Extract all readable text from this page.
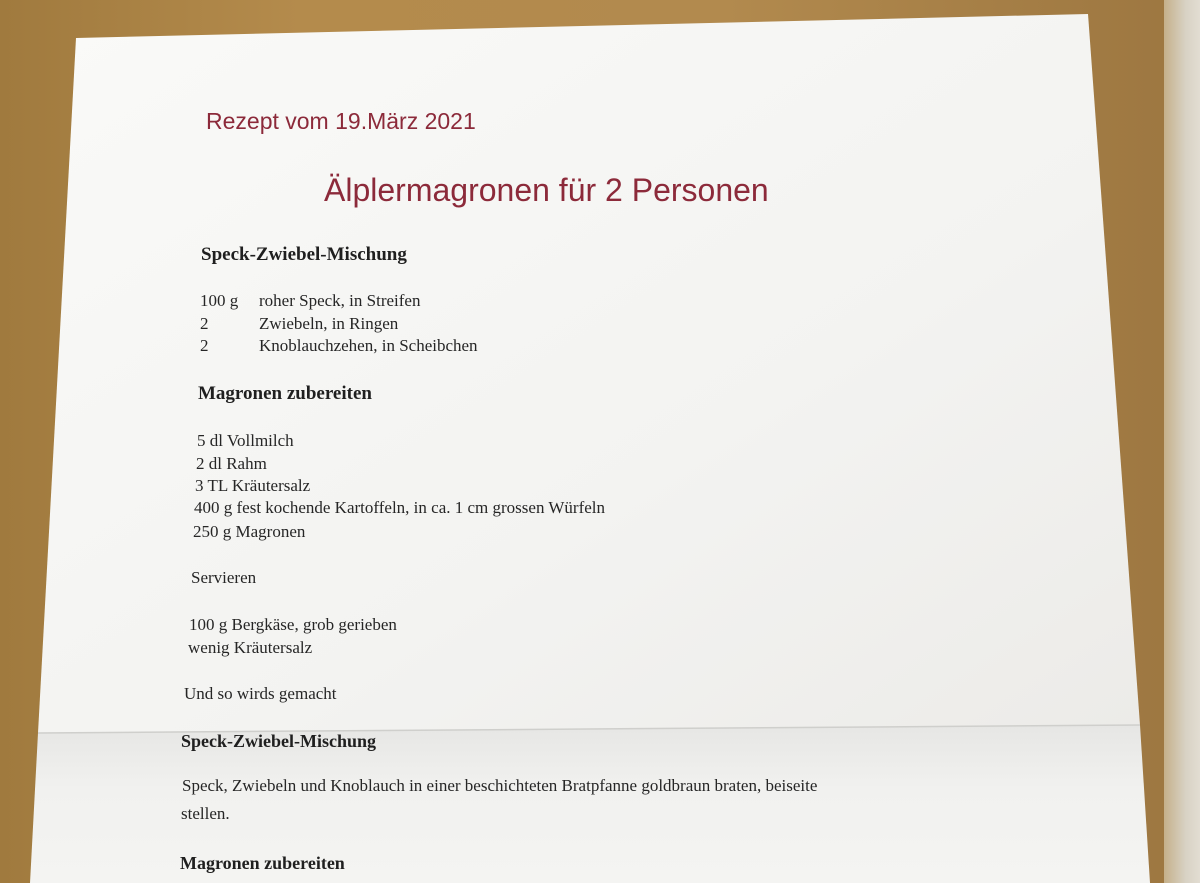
Rezept vom 19.März 2021

Älplermagronen für 2 Personen
Speck-Zwiebel-Mischung
100 g roher Speck, in Streifen
2	Zwiebeln, in Ringen
2	Knoblauchzehen, in Scheibchen
Magronen zubereiten

5 dl Vollmilch

2 dl Rahm

3 TL Kräutersalz

400 g fest kochende Kartoffeln, in ca. 1 cm grossen Würfeln

250 g Magronen

Servieren

100 g Bergkäse, grob gerieben

wenig Kräutersalz

Und so wirds gemacht

Speck-Zwiebel-Mischung

Speck, Zwiebeln und Knoblauch in einer beschichteten Bratpfanne goldbraun braten, beiseite

stellen.

Magronen zubereiten
